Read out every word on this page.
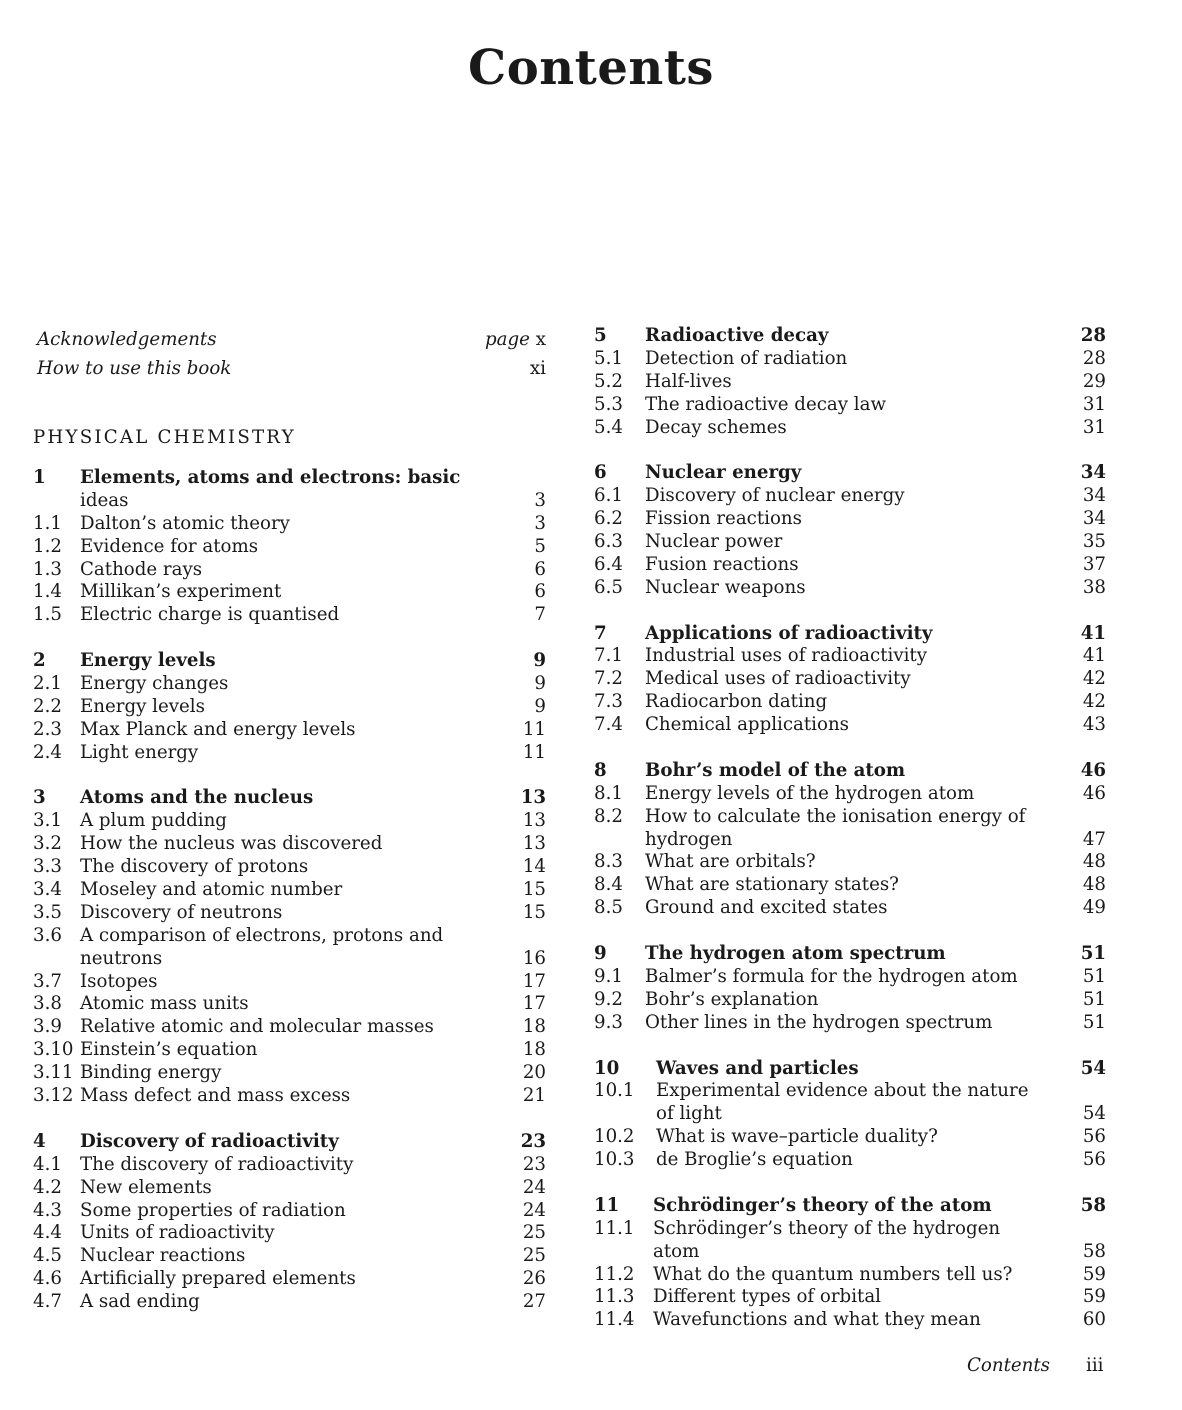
Contents
Acknowledgements	page x
How to use this book	xi
PHYSICAL CHEMISTRY
1 Elements, atoms and electrons: basic
ideas	3
1.1 Dalton’s atomic theory	3
1.2 Evidence for atoms	5
1.3 Cathode rays	6
1.4 Millikan’s experiment	6
1.5 Electric charge is quantised	7
2 Energy levels	9
2.1 Energy changes	9
2.2 Energy levels	9
2.3 Max Planck and energy levels	11
2.4 Light energy	11
3 Atoms and the nucleus	13
3.1 A plum pudding	13
3.2 How the nucleus was discovered	13
3.3 The discovery of protons	14
3.4 Moseley and atomic number	15
3.5 Discovery of neutrons	15
3.6 A comparison of electrons, protons and
neutrons	16
3.7 Isotopes	17
3.8 Atomic mass units	17
3.9 Relative atomic and molecular masses	18
3.10 Einstein’s equation	18
3.11 Binding energy	20
3.12 Mass defect and mass excess	21
4 Discovery of radioactivity	23
4.1 The discovery of radioactivity	23
4.2 New elements	24
4.3 Some properties of radiation	24
4.4 Units of radioactivity	25
4.5 Nuclear reactions	25
4.6 Artificially prepared elements	26
4.7 A sad ending	27
5 Radioactive decay	28
5.1 Detection of radiation	28
5.2 Half-lives	29
5.3 The radioactive decay law	31
5.4 Decay schemes	31
6 Nuclear energy	34
6.1 Discovery of nuclear energy	34
6.2 Fission reactions	34
6.3 Nuclear power	35
6.4 Fusion reactions	37
6.5 Nuclear weapons	38
7 Applications of radioactivity	41
7.1 Industrial uses of radioactivity	41
7.2 Medical uses of radioactivity	42
7.3 Radiocarbon dating	42
7.4 Chemical applications	43
8 Bohr’s model of the atom	46
8.1 Energy levels of the hydrogen atom	46
8.2 How to calculate the ionisation energy of
hydrogen	47
8.3 What are orbitals?	48
8.4 What are stationary states?	48
8.5 Ground and excited states	49
9 The hydrogen atom spectrum	51
9.1 Balmer’s formula for the hydrogen atom	51
9.2 Bohr’s explanation	51
9.3 Other lines in the hydrogen spectrum	51
10 Waves and particles	54
10.1 Experimental evidence about the nature
of light	54
10.2 What is wave–particle duality?	56
10.3 de Broglie’s equation	56
11 Schrödinger’s theory of the atom	58
11.1 Schrödinger’s theory of the hydrogen
atom	58
11.2 What do the quantum numbers tell us?	59
11.3 Different types of orbital	59
11.4 Wavefunctions and what they mean	60
Contents iii
